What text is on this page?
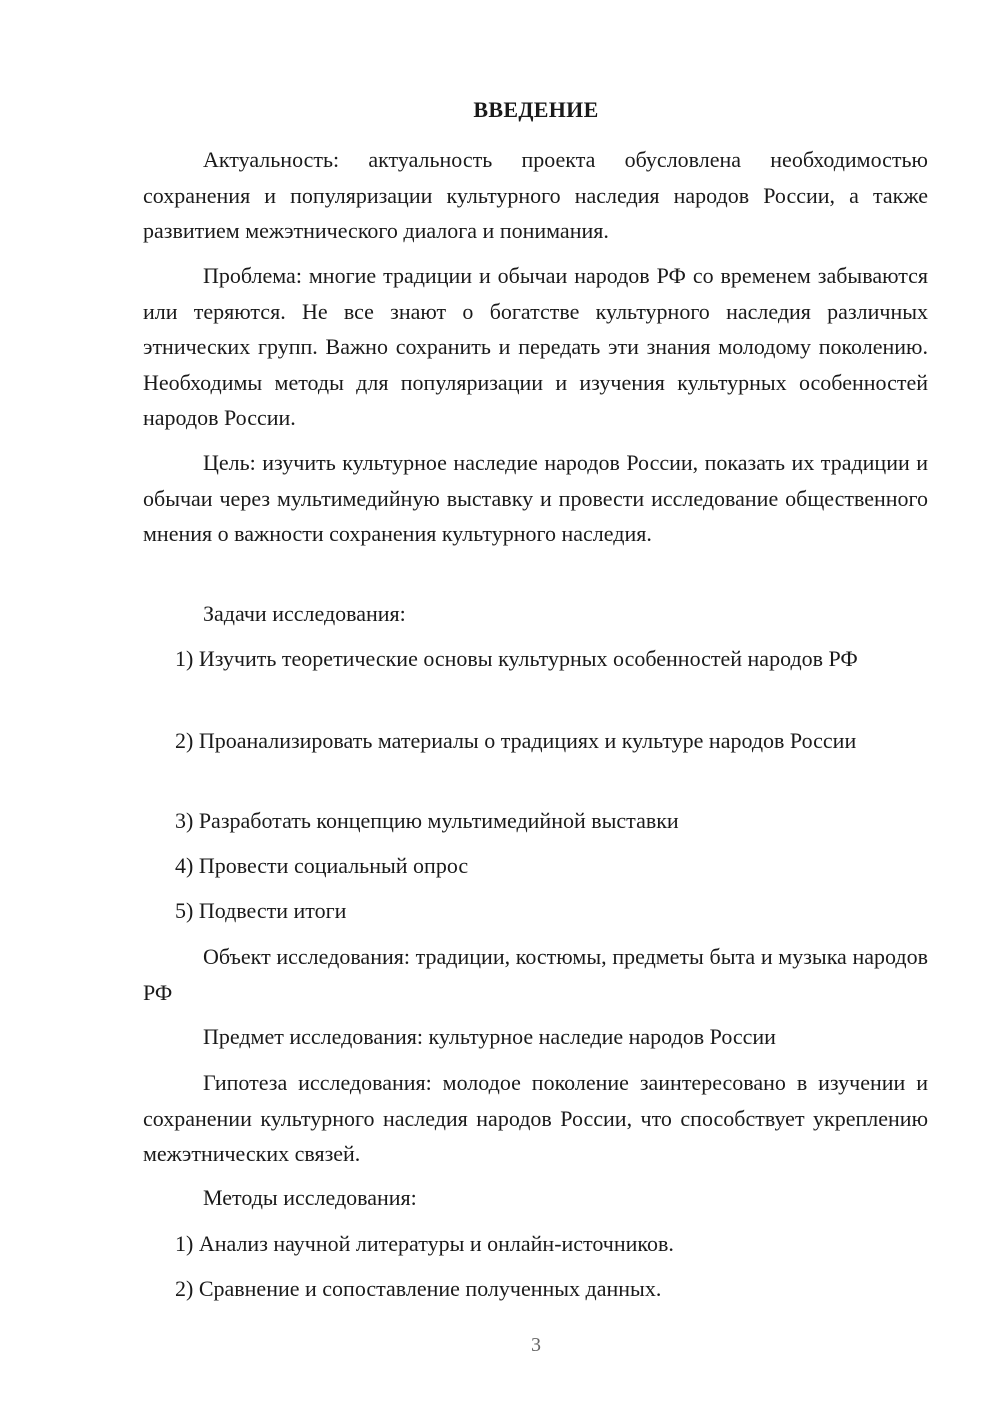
ВВЕДЕНИЕ
Актуальность: актуальность проекта обусловлена необходимостью сохранения и популяризации культурного наследия народов России, а также развитием межэтнического диалога и понимания.
Проблема: многие традиции и обычаи народов РФ со временем забываются или теряются. Не все знают о богатстве культурного наследия различных этнических групп. Важно сохранить и передать эти знания молодому поколению. Необходимы методы для популяризации и изучения культурных особенностей народов России.
Цель: изучить культурное наследие народов России, показать их традиции и обычаи через мультимедийную выставку и провести исследование общественного мнения о важности сохранения культурного наследия.
Задачи исследования:
1) Изучить теоретические основы культурных особенностей народов РФ
2) Проанализировать материалы о традициях и культуре народов России
3) Разработать концепцию мультимедийной выставки
4) Провести социальный опрос
5) Подвести итоги
Объект исследования: традиции, костюмы, предметы быта и музыка народов РФ
Предмет исследования: культурное наследие народов России
Гипотеза исследования: молодое поколение заинтересовано в изучении и сохранении культурного наследия народов России, что способствует укреплению межэтнических связей.
Методы исследования:
1) Анализ научной литературы и онлайн-источников.
2) Сравнение и сопоставление полученных данных.
3
